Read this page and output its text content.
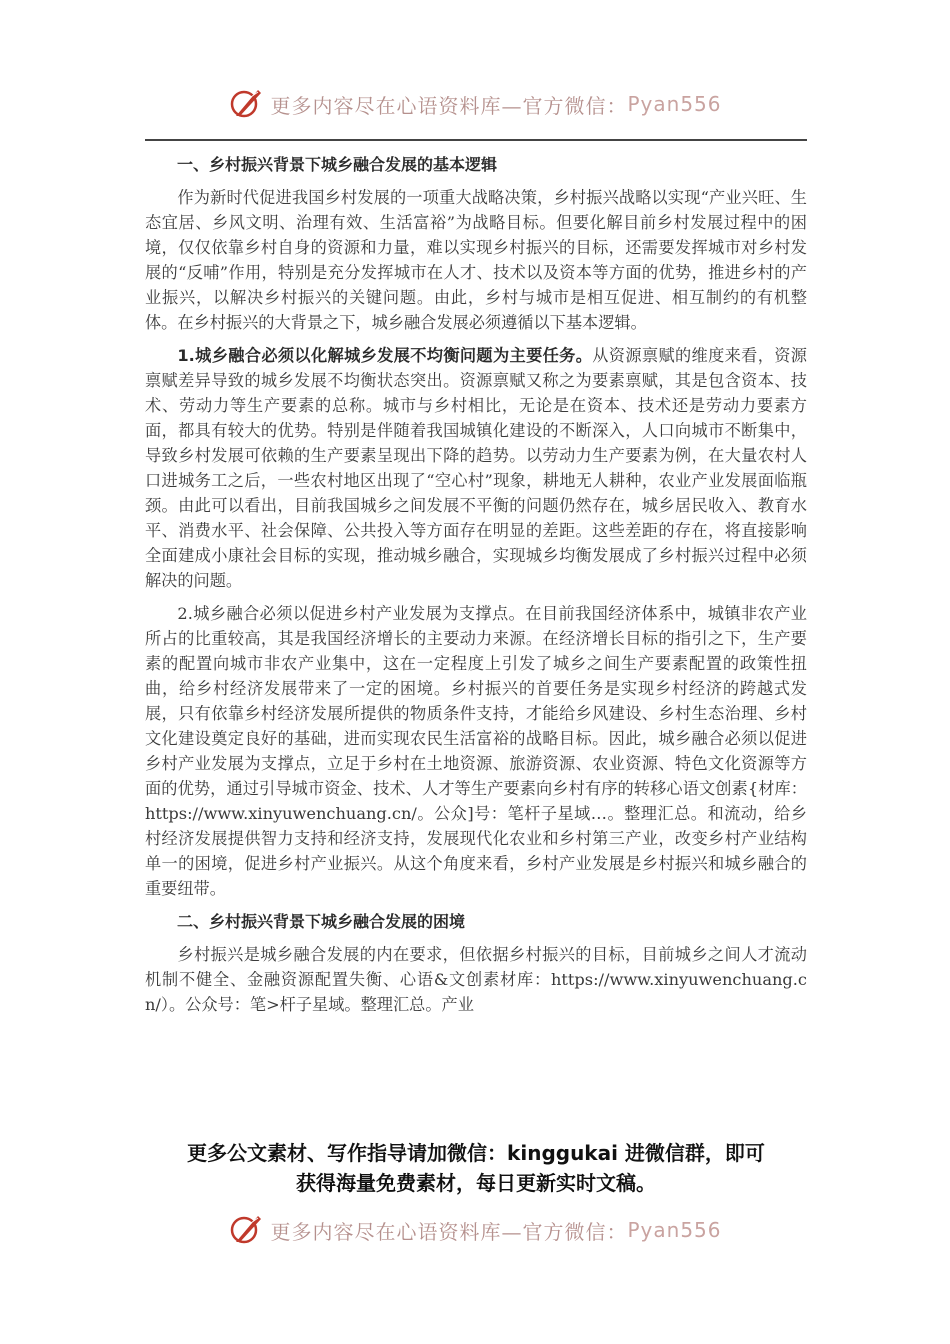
更多内容尽在心语资料库—官方微信： Pyan556

一、乡村振兴背景下城乡融合发展的基本逻辑

作为新时代促进我国乡村发展的一项重大战略决策，乡村振兴战略以实现“产业兴旺、生态宜居、乡风文明、治理有效、生活富裕”为战略目标。但要化解目前乡村发展过程中的困境，仅仅依靠乡村自身的资源和力量，难以实现乡村振兴的目标，还需要发挥城市对乡村发展的“反哺”作用，特别是充分发挥城市在人才、技术以及资本等方面的优势，推进乡村的产业振兴，以解决乡村振兴的关键问题。由此，乡村与城市是相互促进、相互制约的有机整体。在乡村振兴的大背景之下，城乡融合发展必须遵循以下基本逻辑。

1.城乡融合必须以化解城乡发展不均衡问题为主要任务。从资源禀赋的维度来看，资源禀赋差异导致的城乡发展不均衡状态突出。资源禀赋又称之为要素禀赋，其是包含资本、技术、劳动力等生产要素的总称。城市与乡村相比，无论是在资本、技术还是劳动力要素方面，都具有较大的优势。特别是伴随着我国城镇化建设的不断深入，人口向城市不断集中，导致乡村发展可依赖的生产要素呈现出下降的趋势。以劳动力生产要素为例，在大量农村人口进城务工之后，一些农村地区出现了“空心村”现象，耕地无人耕种，农业产业发展面临瓶颈。由此可以看出，目前我国城乡之间发展不平衡的问题仍然存在，城乡居民收入、教育水平、消费水平、社会保障、公共投入等方面存在明显的差距。这些差距的存在，将直接影响全面建成小康社会目标的实现，推动城乡融合，实现城乡均衡发展成了乡村振兴过程中必须解决的问题。

2.城乡融合必须以促进乡村产业发展为支撑点。在目前我国经济体系中，城镇非农产业所占的比重较高，其是我国经济增长的主要动力来源。在经济增长目标的指引之下，生产要素的配置向城市非农产业集中，这在一定程度上引发了城乡之间生产要素配置的政策性扭曲，给乡村经济发展带来了一定的困境。乡村振兴的首要任务是实现乡村经济的跨越式发展，只有依靠乡村经济发展所提供的物质条件支持，才能给乡风建设、乡村生态治理、乡村文化建设奠定良好的基础，进而实现农民生活富裕的战略目标。因此，城乡融合必须以促进乡村产业发展为支撑点，立足于乡村在土地资源、旅游资源、农业资源、特色文化资源等方面的优势，通过引导城市资金、技术、人才等生产要素向乡村有序的转移心语文创素{材库：https://www.xinyuwenchuang.cn/。公众]号：笔杆子星域…。整理汇总。和流动，给乡村经济发展提供智力支持和经济支持，发展现代化农业和乡村第三产业，改变乡村产业结构单一的困境，促进乡村产业振兴。从这个角度来看，乡村产业发展是乡村振兴和城乡融合的重要纽带。

二、乡村振兴背景下城乡融合发展的困境

乡村振兴是城乡融合发展的内在要求，但依据乡村振兴的目标，目前城乡之间人才流动机制不健全、金融资源配置失衡、心语&文创素材库：https://www.xinyuwenchuang.cn/）。公众号：笔>杆子星域。整理汇总。产业

更多公文素材、写作指导请加微信：kinggukai 进微信群，即可
获得海量免费素材，每日更新实时文稿。
更多内容尽在心语资料库—官方微信： Pyan556
